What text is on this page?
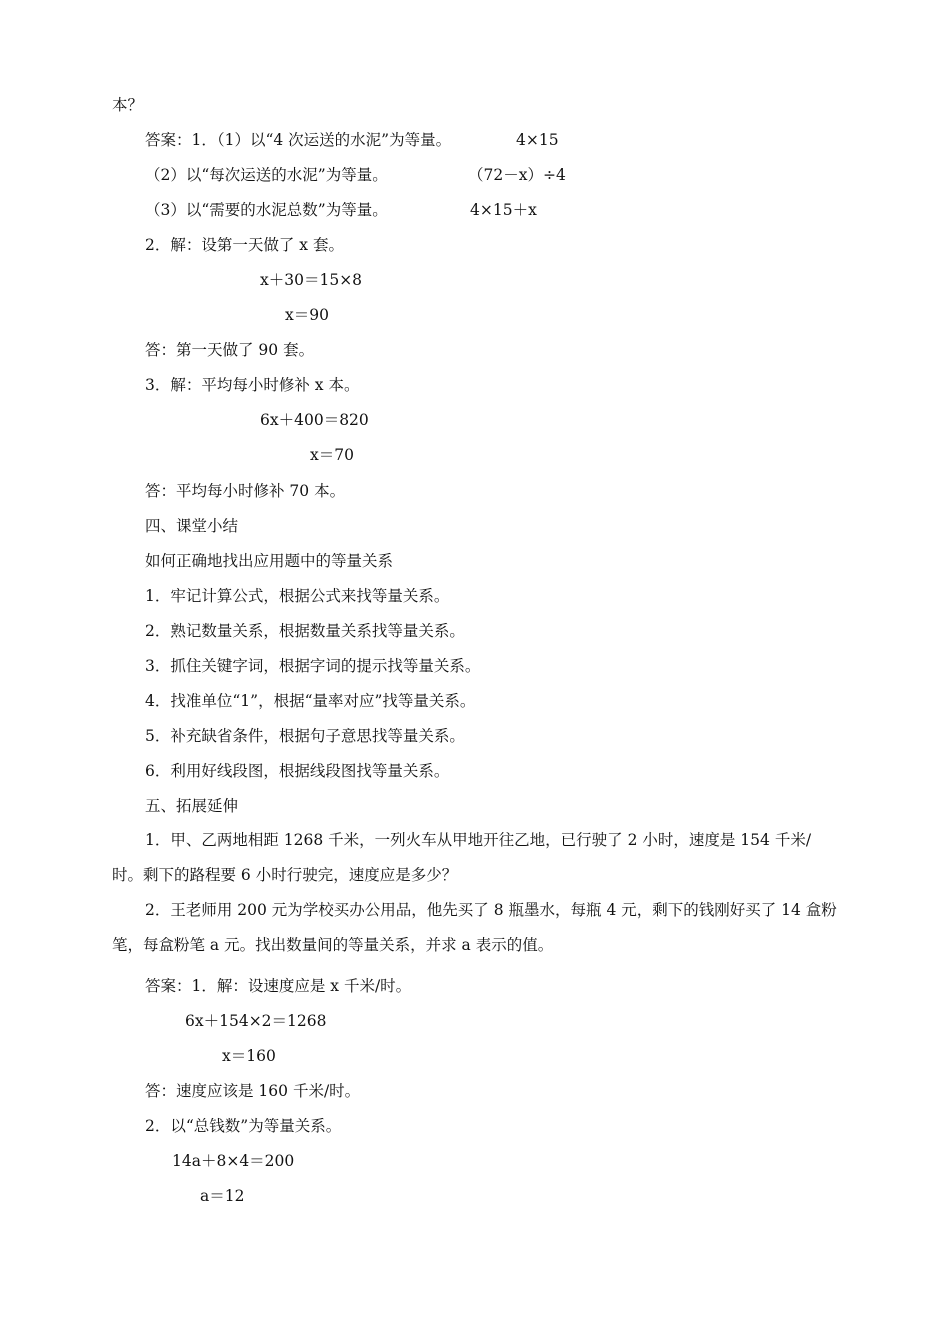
本？
答案：1．（1）以“4 次运送的水泥”为等量。	4×15
（2）以“每次运送的水泥”为等量。	（72－x）÷4
（3）以“需要的水泥总数”为等量。	4×15＋x
2．解：设第一天做了 x 套。
x＋30＝15×8
x＝90
答：第一天做了 90 套。
3．解：平均每小时修补 x 本。
6x＋400＝820
x＝70
答：平均每小时修补 70 本。
四、课堂小结
如何正确地找出应用题中的等量关系
1．牢记计算公式，根据公式来找等量关系。
2．熟记数量关系，根据数量关系找等量关系。
3．抓住关键字词，根据字词的提示找等量关系。
4．找准单位“1”，根据“量率对应”找等量关系。
5．补充缺省条件，根据句子意思找等量关系。
6．利用好线段图，根据线段图找等量关系。
五、拓展延伸

1．甲、乙两地相距 1268 千米，一列火车从甲地开往乙地，已行驶了 2 小时，速度是 154 千米/时。剩下的路程要 6 小时行驶完，速度应是多少？

2．王老师用 200 元为学校买办公用品，他先买了 8 瓶墨水，每瓶 4 元，剩下的钱刚好买了 14 盒粉笔，每盒粉笔 a 元。找出数量间的等量关系，并求 a 表示的值。

答案：1．解：设速度应是 x 千米/时。
6x＋154×2＝1268
x＝160
答：速度应该是 160 千米/时。
2．以“总钱数”为等量关系。
14a＋8×4＝200
a＝12
